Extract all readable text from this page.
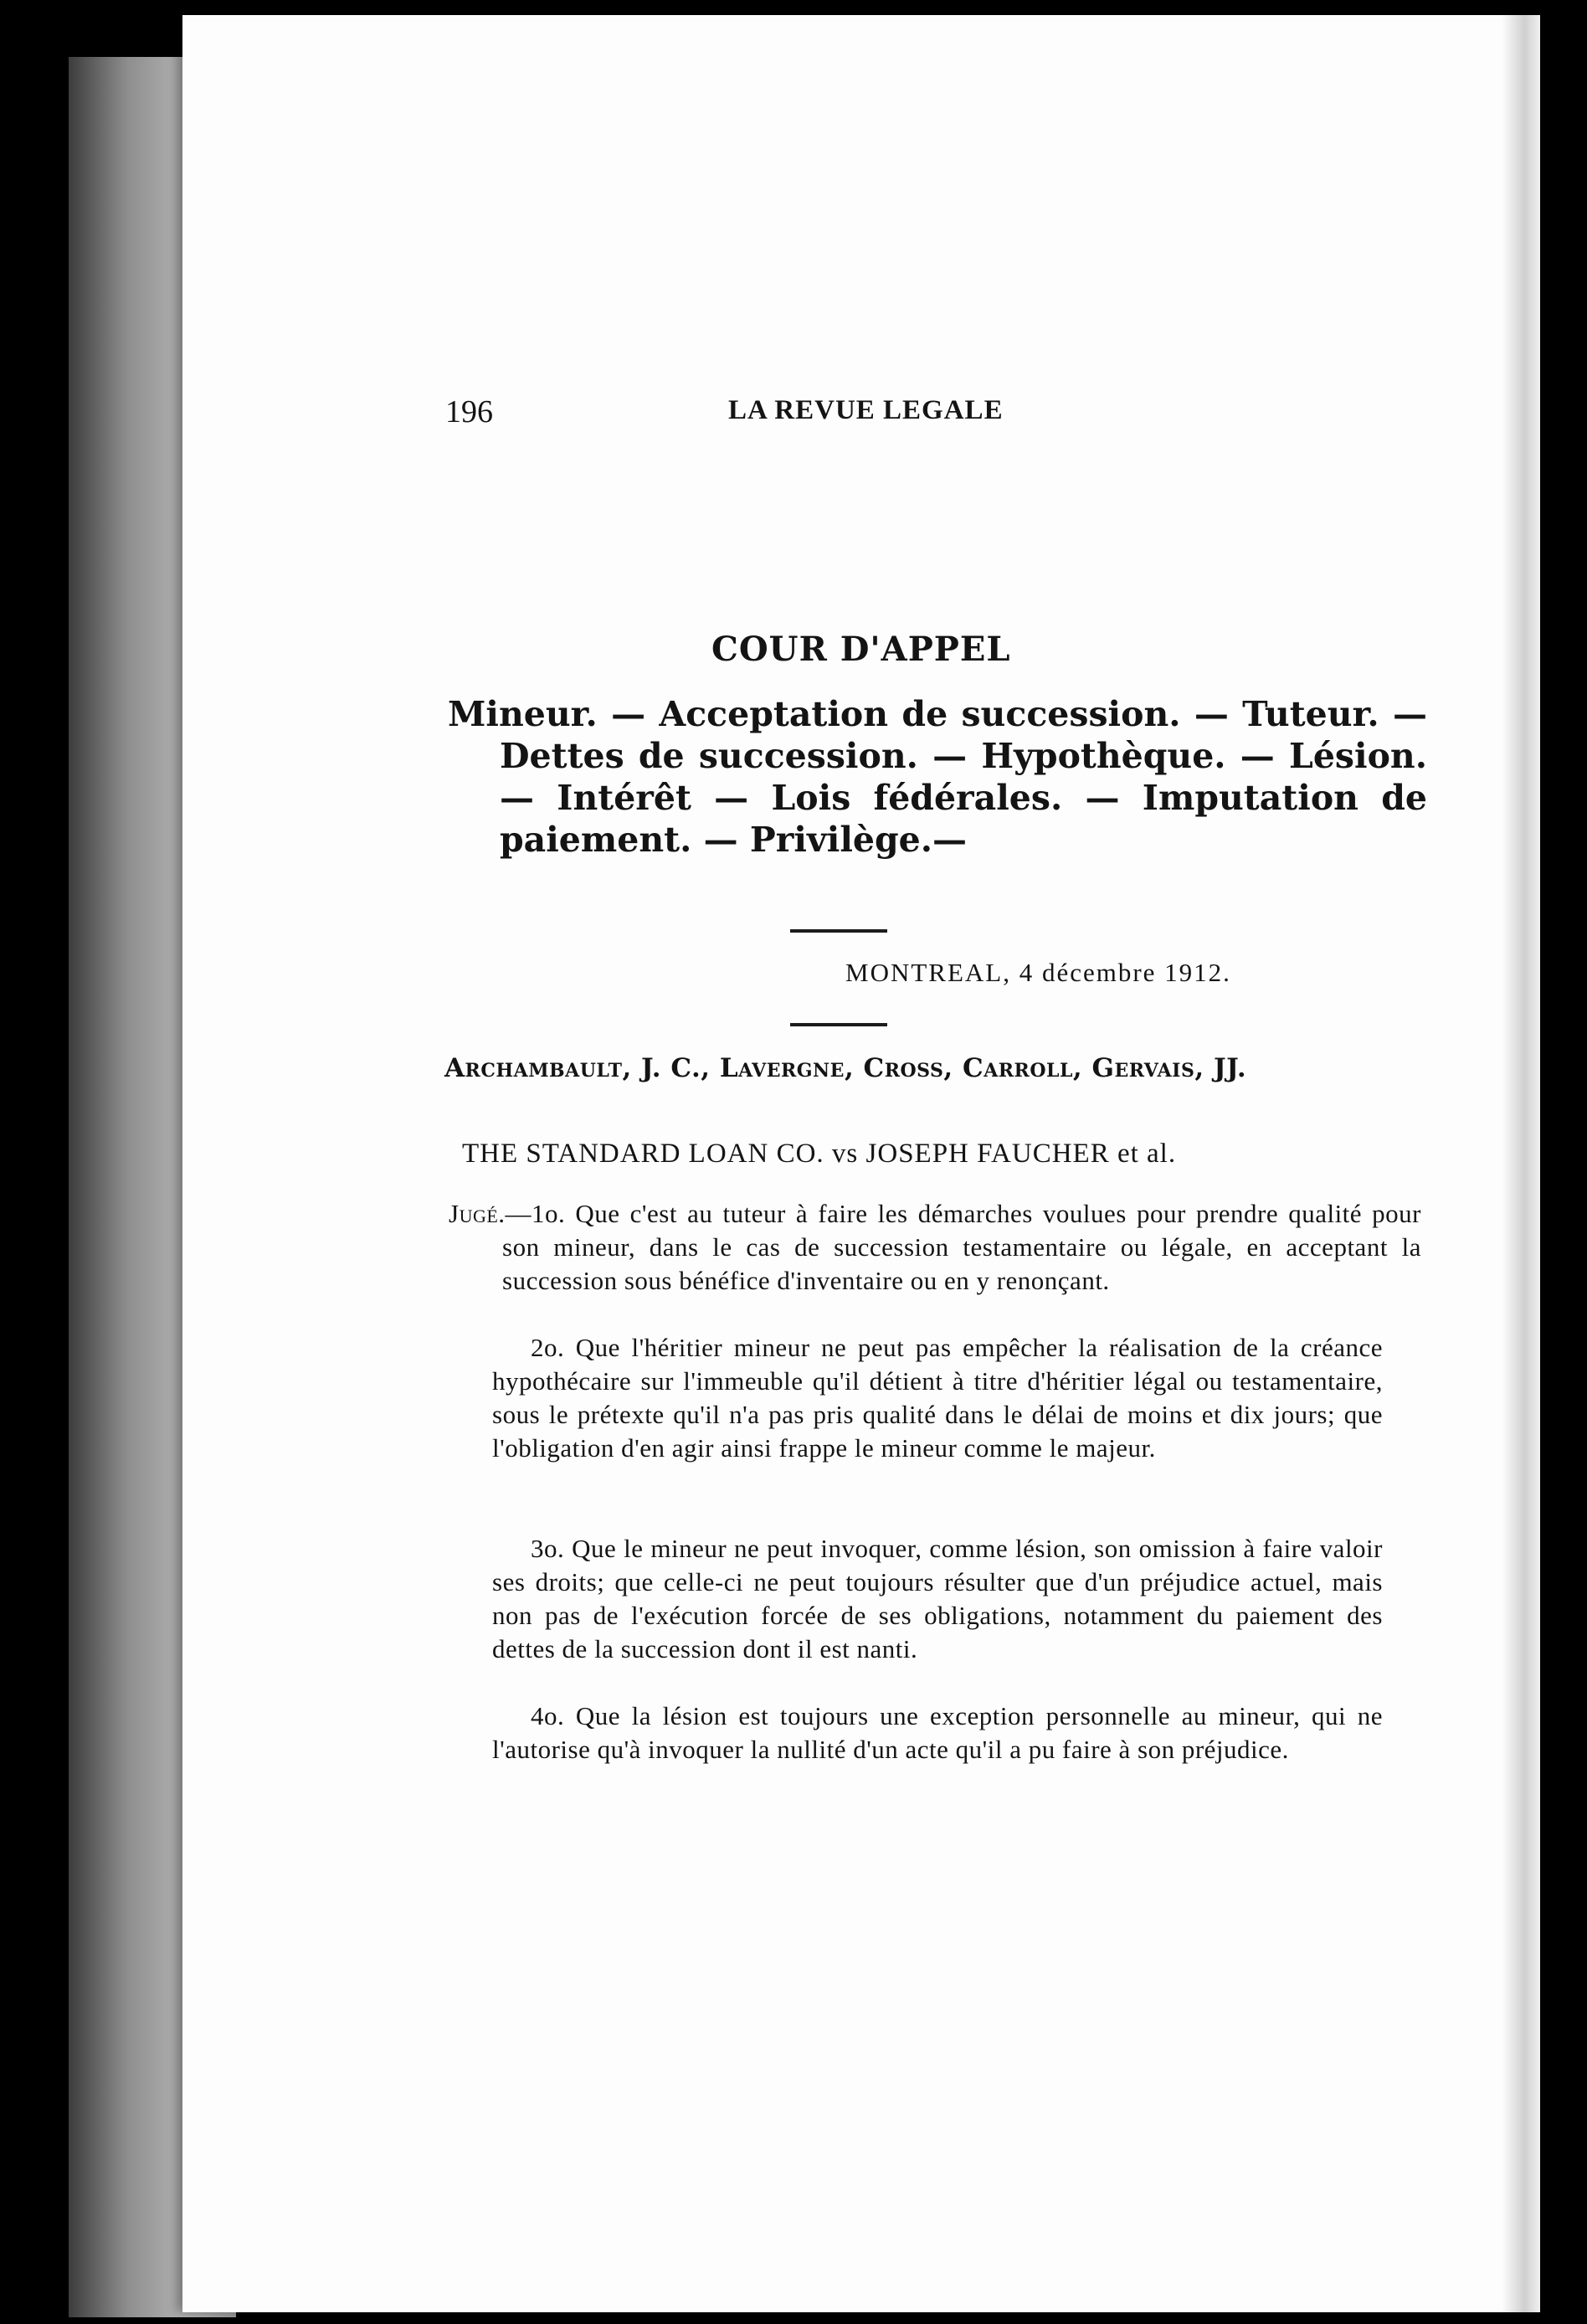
196	LA REVUE LEGALE
COUR D'APPEL

Mineur. — Acceptation de succession. — Tuteur. — Dettes de succession. — Hypothèque. — Lésion. — Intérêt — Lois fédérales. — Imputation de paiement. — Privilège.—

MONTREAL, 4 décembre 1912.
Archambault, J. C., Lavergne, Cross, Carroll, Gervais, JJ.
THE STANDARD LOAN CO. vs JOSEPH FAUCHER et al.

Jugé.—1o. Que c'est au tuteur à faire les démarches voulues pour prendre qualité pour son mineur, dans le cas de succession testamentaire ou légale, en acceptant la succession sous bénéfice d'inventaire ou en y renonçant.

2o. Que l'héritier mineur ne peut pas empêcher la réalisation de la créance hypothécaire sur l'immeuble qu'il détient à titre d'héritier légal ou testamentaire, sous le prétexte qu'il n'a pas pris qualité dans le délai de moins et dix jours; que l'obligation d'en agir ainsi frappe le mineur comme le majeur.

3o. Que le mineur ne peut invoquer, comme lésion, son omission à faire valoir ses droits; que celle-ci ne peut toujours résulter que d'un préjudice actuel, mais non pas de l'exécution forcée de ses obligations, notamment du paiement des dettes de la succession dont il est nanti.

4o. Que la lésion est toujours une exception personnelle au mineur, qui ne l'autorise qu'à invoquer la nullité d'un acte qu'il a pu faire à son préjudice.
